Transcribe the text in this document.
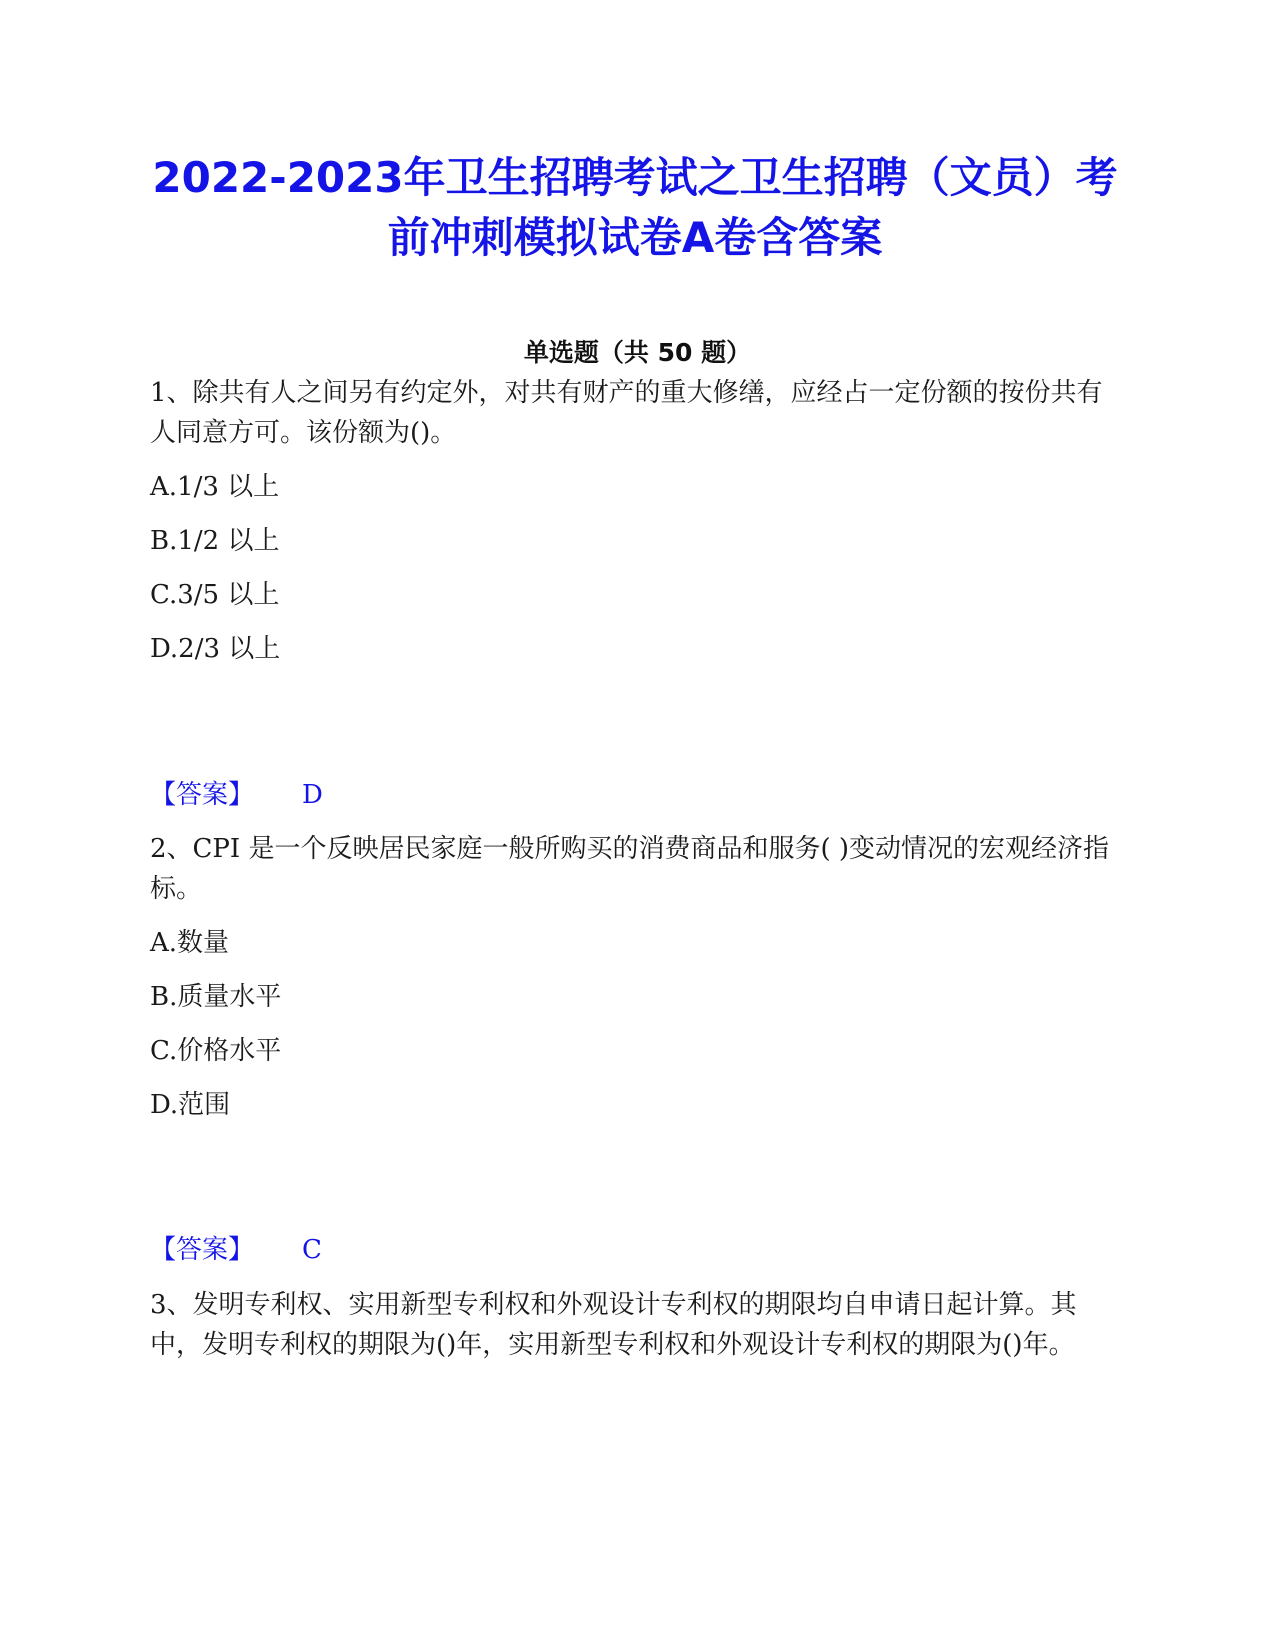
2022-2023年卫生招聘考试之卫生招聘（文员）考前冲刺模拟试卷A卷含答案
单选题（共 50 题）

1、除共有人之间另有约定外，对共有财产的重大修缮，应经占一定份额的按份共有人同意方可。该份额为()。

A.1/3 以上

B.1/2 以上

C.3/5 以上

D.2/3 以上

【答案】 D

2、CPI 是一个反映居民家庭一般所购买的消费商品和服务( )变动情况的宏观经济指标。

A.数量

B.质量水平

C.价格水平

D.范围

【答案】 C

3、发明专利权、实用新型专利权和外观设计专利权的期限均自申请日起计算。其中，发明专利权的期限为()年，实用新型专利权和外观设计专利权的期限为()年。
